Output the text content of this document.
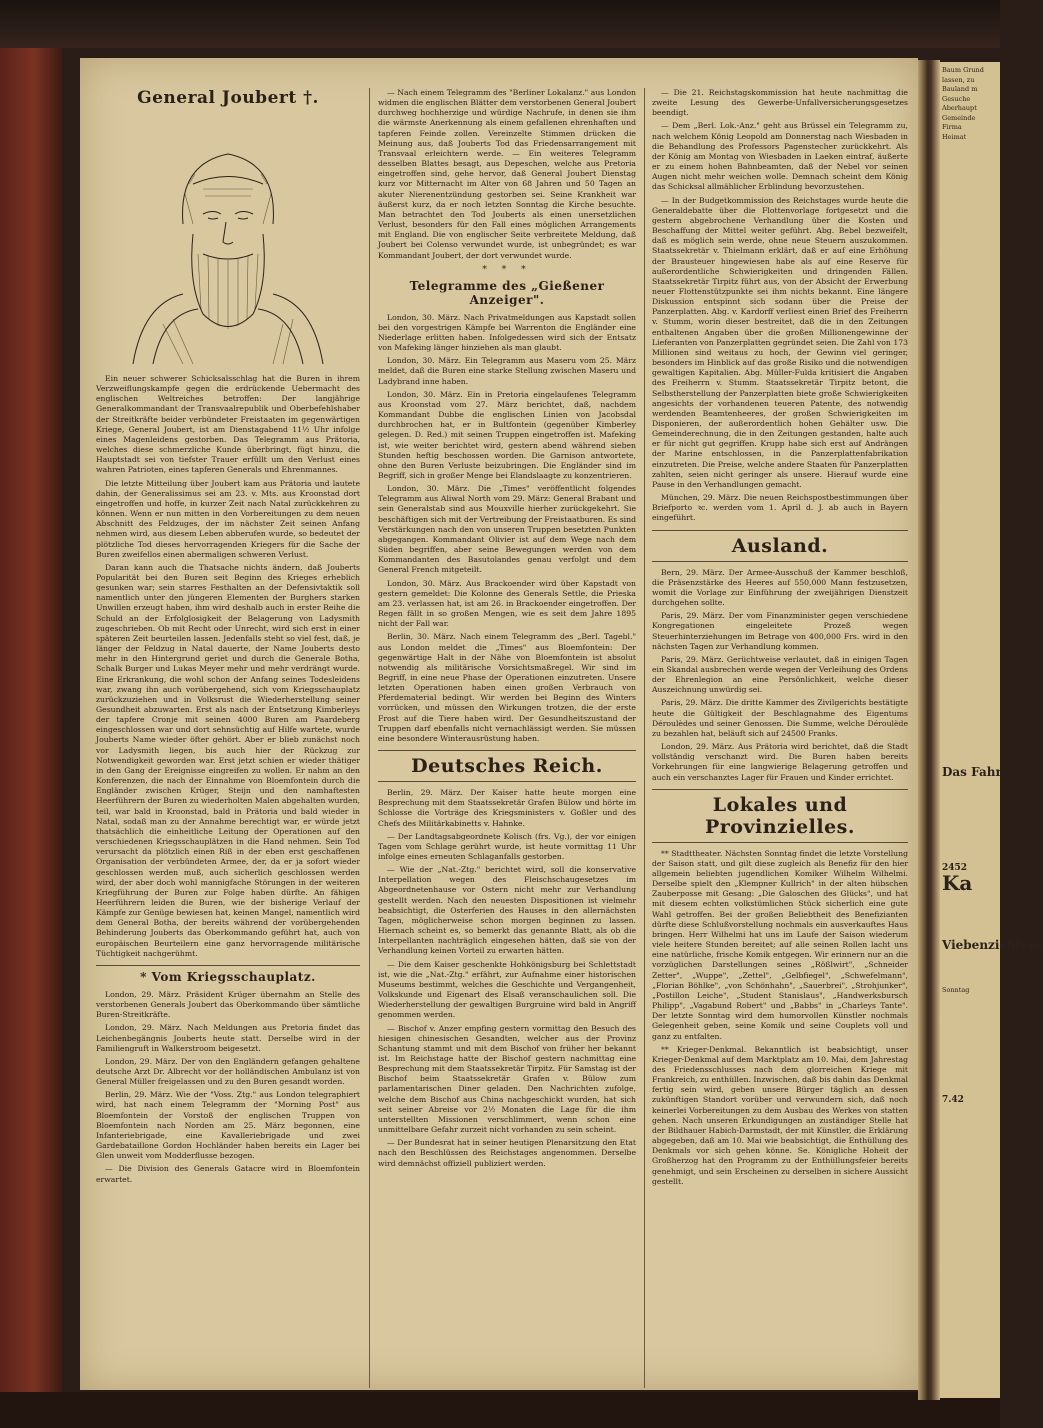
General Joubert †.

Ein neuer schwerer Schicksalsschlag hat die Buren in ihrem Verzweiflungskampfe gegen die erdrückende Uebermacht des englischen Weltreiches betroffen: Der langjährige Generalkommandant der Transvaalrepublik und Oberbefehlshaber der Streitkräfte beider verbündeter Freistaaten im gegenwärtigen Kriege, General Joubert, ist am Dienstagabend 11½ Uhr infolge eines Magenleidens gestorben. Das Telegramm aus Prätoria, welches diese schmerzliche Kunde überbringt, fügt hinzu, die Hauptstadt sei von tiefster Trauer erfüllt um den Verlust eines wahren Patrioten, eines tapferen Generals und Ehrenmannes.

Die letzte Mitteilung über Joubert kam aus Prätoria und lautete dahin, der Generalissimus sei am 23. v. Mts. aus Kroonstad dort eingetroffen und hoffe, in kurzer Zeit nach Natal zurückkehren zu können. Wenn er nun mitten in den Vorbereitungen zu dem neuen Abschnitt des Feldzuges, der im nächster Zeit seinen Anfang nehmen wird, aus diesem Leben abberufen wurde, so bedeutet der plötzliche Tod dieses hervorragenden Kriegers für die Sache der Buren zweifellos einen abermaligen schweren Verlust.

Daran kann auch die Thatsache nichts ändern, daß Jouberts Popularität bei den Buren seit Beginn des Krieges erheblich gesunken war; sein starres Festhalten an der Defensivtaktik soll namentlich unter den jüngeren Elementen der Burghers starken Unwillen erzeugt haben, ihm wird deshalb auch in erster Reihe die Schuld an der Erfolglosigkeit der Belagerung von Ladysmith zugeschrieben. Ob mit Recht oder Unrecht, wird sich erst in einer späteren Zeit beurteilen lassen. Jedenfalls steht so viel fest, daß, je länger der Feldzug in Natal dauerte, der Name Jouberts desto mehr in den Hintergrund geriet und durch die Generale Botha, Schalk Burger und Lukas Meyer mehr und mehr verdrängt wurde. Eine Erkrankung, die wohl schon der Anfang seines Todesleidens war, zwang ihn auch vorübergehend, sich vom Kriegsschauplatz zurückzuziehen und in Volksrust die Wiederherstellung seiner Gesundheit abzuwarten. Erst als nach der Entsetzung Kimberleys der tapfere Cronje mit seinen 4000 Buren am Paardeberg eingeschlossen war und dort sehnsüchtig auf Hilfe wartete, wurde Jouberts Name wieder öfter gehört. Aber er blieb zunächst noch vor Ladysmith liegen, bis auch hier der Rückzug zur Notwendigkeit geworden war. Erst jetzt schien er wieder thätiger in den Gang der Ereignisse eingreifen zu wollen. Er nahm an den Konferenzen, die nach der Einnahme von Bloemfontein durch die Engländer zwischen Krüger, Steijn und den namhaftesten Heerführern der Buren zu wiederholten Malen abgehalten wurden, teil, war bald in Kroonstad, bald in Prätoria und bald wieder in Natal, sodaß man zu der Annahme berechtigt war, er würde jetzt thatsächlich die einheitliche Leitung der Operationen auf den verschiedenen Kriegsschauplätzen in die Hand nehmen. Sein Tod verursacht da plötzlich einen Riß in der eben erst geschaffenen Organisation der verbündeten Armee, der, da er ja sofort wieder geschlossen werden muß, auch sicherlich geschlossen werden wird, der aber doch wohl mannigfache Störungen in der weiteren Kriegführung der Buren zur Folge haben dürfte. An fähigen Heerführern leiden die Buren, wie der bisherige Verlauf der Kämpfe zur Genüge bewiesen hat, keinen Mangel, namentlich wird dem General Botha, der bereits während der vorübergehenden Behinderung Jouberts das Oberkommando geführt hat, auch von europäischen Beurteilern eine ganz hervorragende militärische Tüchtigkeit nachgerühmt.

* Vom Kriegsschauplatz.

London, 29. März. Präsident Krüger übernahm an Stelle des verstorbenen Generals Joubert das Oberkommando über sämtliche Buren-Streitkräfte.

London, 29. März. Nach Meldungen aus Pretoria findet das Leichenbegängnis Jouberts heute statt. Derselbe wird in der Familiengruft in Walkerstroom beigesetzt.

London, 29. März. Der von den Engländern gefangen gehaltene deutsche Arzt Dr. Albrecht vor der holländischen Ambulanz ist von General Müller freigelassen und zu den Buren gesandt worden.

Berlin, 29. März. Wie der "Voss. Ztg." aus London telegraphiert wird, hat nach einem Telegramm der "Morning Post" aus Bloemfontein der Vorstoß der englischen Truppen von Bloemfontein nach Norden am 25. März begonnen, eine Infanteriebrigade, eine Kavalleriebrigade und zwei Gardebataillone Gordon Hochländer haben bereits ein Lager bei Glen unweit vom Modderflusse bezogen.

— Die Division des Generals Gatacre wird in Bloemfontein erwartet.

— Nach einem Telegramm des "Berliner Lokalanz." aus London widmen die englischen Blätter dem verstorbenen General Joubert durchweg hochherzige und würdige Nachrufe, in denen sie ihm die wärmste Anerkennung als einem gefallenen ehrenhaften und tapferen Feinde zollen. Vereinzelte Stimmen drücken die Meinung aus, daß Jouberts Tod das Friedensarrangement mit Transvaal erleichtern werde. — Ein weiteres Telegramm desselben Blattes besagt, aus Depeschen, welche aus Pretoria eingetroffen sind, gehe hervor, daß General Joubert Dienstag kurz vor Mitternacht im Alter von 68 Jahren und 50 Tagen an akuter Nierenentzündung gestorben sei. Seine Krankheit war äußerst kurz, da er noch letzten Sonntag die Kirche besuchte. Man betrachtet den Tod Jouberts als einen unersetzlichen Verlust, besonders für den Fall eines möglichen Arrangements mit England. Die von englischer Seite verbreitete Meldung, daß Joubert bei Colenso verwundet wurde, ist unbegründet; es war Kommandant Joubert, der dort verwundet wurde.

* * *
Telegramme des „Gießener Anzeiger".

London, 30. März. Nach Privatmeldungen aus Kapstadt sollen bei den vorgestrigen Kämpfe bei Warrenton die Engländer eine Niederlage erlitten haben. Infolgedessen wird sich der Entsatz von Mafeking länger hinziehen als man glaubt.

London, 30. März. Ein Telegramm aus Maseru vom 25. März meldet, daß die Buren eine starke Stellung zwischen Maseru und Ladybrand inne haben.

London, 30. März. Ein in Pretoria eingelaufenes Telegramm aus Kroonstad vom 27. März berichtet, daß, nachdem Kommandant Dubbe die englischen Linien von Jacobsdal durchbrochen hat, er in Bultfontein (gegenüber Kimberley gelegen. D. Red.) mit seinen Truppen eingetroffen ist. Mafeking ist, wie weiter berichtet wird, gestern abend während sieben Stunden heftig beschossen worden. Die Garnison antwortete, ohne den Buren Verluste beizubringen. Die Engländer sind im Begriff, sich in großer Menge bei Elandslaagte zu konzentrieren.

London, 30. März. Die „Times" veröffentlicht folgendes Telegramm aus Aliwal North vom 29. März: General Brabant und sein Generalstab sind aus Mouxville hierher zurückgekehrt. Sie beschäftigen sich mit der Vertreibung der Freistaatburen. Es sind Verstärkungen nach den von unseren Truppen besetzten Punkten abgegangen. Kommandant Olivier ist auf dem Wege nach dem Süden begriffen, aber seine Bewegungen werden von dem Kommandanten des Basutolandes genau verfolgt und dem General French mitgeteilt.

London, 30. März. Aus Brackoender wird über Kapstadt von gestern gemeldet: Die Kolonne des Generals Settle, die Prieska am 23. verlassen hat, ist am 26. in Brackoender eingetroffen. Der Regen fällt in so großen Mengen, wie es seit dem Jahre 1895 nicht der Fall war.

Berlin, 30. März. Nach einem Telegramm des „Berl. Tagebl." aus London meldet die „Times" aus Bloemfontein: Der gegenwärtige Halt in der Nähe von Bloemfontein ist absolut notwendig als militärische Vorsichtsmaßregel. Wir sind im Begriff, in eine neue Phase der Operationen einzutreten. Unsere letzten Operationen haben einen großen Verbrauch von Pferdematerial bedingt. Wir werden bei Beginn des Winters vorrücken, und müssen den Wirkungen trotzen, die der erste Frost auf die Tiere haben wird. Der Gesundheitszustand der Truppen darf ebenfalls nicht vernachlässigt werden. Sie müssen eine besondere Winterausrüstung haben.

Deutsches Reich.

Berlin, 29. März. Der Kaiser hatte heute morgen eine Besprechung mit dem Staatssekretär Grafen Bülow und hörte im Schlosse die Vorträge des Kriegsministers v. Goßler und des Chefs des Militärkabinetts v. Hahnke.

— Der Landtagsabgeordnete Kolisch (frs. Vg.), der vor einigen Tagen vom Schlage gerührt wurde, ist heute vormittag 11 Uhr infolge eines erneuten Schlaganfalls gestorben.

— Wie der „Nat.-Ztg." berichtet wird, soll die konservative Interpellation wegen des Fleischschaugesetzes im Abgeordnetenhause vor Ostern nicht mehr zur Verhandlung gestellt werden. Nach den neuesten Dispositionen ist vielmehr beabsichtigt, die Osterferien des Hauses in den allernächsten Tagen, möglicherweise schon morgen beginnen zu lassen. Hiernach scheint es, so bemerkt das genannte Blatt, als ob die Interpellanten nachträglich eingesehen hätten, daß sie von der Verhandlung keinen Vorteil zu erwarten hätten.

— Die dem Kaiser geschenkte Hohkönigsburg bei Schlettstadt ist, wie die „Nat.-Ztg." erfährt, zur Aufnahme einer historischen Museums bestimmt, welches die Geschichte und Vergangenheit, Volkskunde und Eigenart des Elsaß veranschaulichen soll. Die Wiederherstellung der gewaltigen Burgruine wird bald in Angriff genommen werden.

— Bischof v. Anzer empfing gestern vormittag den Besuch des hiesigen chinesischen Gesandten, welcher aus der Provinz Schantung stammt und mit dem Bischof von früher her bekannt ist. Im Reichstage hatte der Bischof gestern nachmittag eine Besprechung mit dem Staatssekretär Tirpitz. Für Samstag ist der Bischof beim Staatssekretär Grafen v. Bülow zum parlamentarischen Diner geladen. Den Nachrichten zufolge, welche dem Bischof aus China nachgeschickt wurden, hat sich seit seiner Abreise vor 2½ Monaten die Lage für die ihm unterstellten Missionen verschlimmert, wenn schon eine unmittelbare Gefahr zurzeit nicht vorhanden zu sein scheint.

— Der Bundesrat hat in seiner heutigen Plenarsitzung den Etat nach den Beschlüssen des Reichstages angenommen. Derselbe wird demnächst offiziell publiziert werden.

— Die 21. Reichstagskommission hat heute nachmittag die zweite Lesung des Gewerbe-Unfallversicherungsgesetzes beendigt.

— Dem „Berl. Lok.-Anz." geht aus Brüssel ein Telegramm zu, nach welchem König Leopold am Donnerstag nach Wiesbaden in die Behandlung des Professors Pagenstecher zurückkehrt. Als der König am Montag von Wiesbaden in Laeken eintraf, äußerte er zu einem hohen Bahnbeamten, daß der Nebel vor seinen Augen nicht mehr weichen wolle. Demnach scheint dem König das Schicksal allmählicher Erblindung bevorzustehen.

— In der Budgetkommission des Reichstages wurde heute die Generaldebatte über die Flottenvorlage fortgesetzt und die gestern abgebrochene Verhandlung über die Kosten und Beschaffung der Mittel weiter geführt. Abg. Bebel bezweifelt, daß es möglich sein werde, ohne neue Steuern auszukommen. Staatssekretär v. Thielmann erklärt, daß er auf eine Erhöhung der Brausteuer hingewiesen habe als auf eine Reserve für außerordentliche Schwierigkeiten und dringenden Fällen. Staatssekretär Tirpitz führt aus, von der Absicht der Erwerbung neuer Flottenstützpunkte sei ihm nichts bekannt. Eine längere Diskussion entspinnt sich sodann über die Preise der Panzerplatten. Abg. v. Kardorff verliest einen Brief des Freiherrn v. Stumm, worin dieser bestreitet, daß die in den Zeitungen enthaltenen Angaben über die großen Millionengewinne der Lieferanten von Panzerplatten gegründet seien. Die Zahl von 173 Millionen sind weitaus zu hoch, der Gewinn viel geringer, besonders im Hinblick auf das große Risiko und die notwendigen gewaltigen Kapitalien. Abg. Müller-Fulda kritisiert die Angaben des Freiherrn v. Stumm. Staatssekretär Tirpitz betont, die Selbstherstellung der Panzerplatten biete große Schwierigkeiten angesichts der vorhandenen teueren Patente, des notwendig werdenden Beamtenheeres, der großen Schwierigkeiten im Disponieren, der außerordentlich hohen Gehälter usw. Die Gemeinderechnung, die in den Zeitungen gestanden, halte auch er für nicht gut gegriffen. Krupp habe sich erst auf Andrängen der Marine entschlossen, in die Panzerplattenfabrikation einzutreten. Die Preise, welche andere Staaten für Panzerplatten zahlten, seien nicht geringer als unsere. Hierauf wurde eine Pause in den Verhandlungen gemacht.

München, 29. März. Die neuen Reichspostbestimmungen über Briefporto ꝛc. werden vom 1. April d. J. ab auch in Bayern eingeführt.

Ausland.

Bern, 29. März. Der Armee-Ausschuß der Kammer beschloß, die Präsenzstärke des Heeres auf 550,000 Mann festzusetzen, womit die Vorlage zur Einführung der zweijährigen Dienstzeit durchgehen sollte.

Paris, 29. März. Der vom Finanzminister gegen verschiedene Kongregationen eingeleitete Prozeß wegen Steuerhinterziehungen im Betrage von 400,000 Frs. wird in den nächsten Tagen zur Verhandlung kommen.

Paris, 29. März. Gerüchtweise verlautet, daß in einigen Tagen ein Skandal ausbrechen werde wegen der Verleihung des Ordens der Ehrenlegion an eine Persönlichkeit, welche dieser Auszeichnung unwürdig sei.

Paris, 29. März. Die dritte Kammer des Zivilgerichts bestätigte heute die Gültigkeit der Beschlagnahme des Eigentums Déroulèdes und seiner Genossen. Die Summe, welche Déroulède zu bezahlen hat, beläuft sich auf 24500 Franks.

London, 29. März. Aus Prätoria wird berichtet, daß die Stadt vollständig verschanzt wird. Die Buren haben bereits Vorkehrungen für eine langwierige Belagerung getroffen und auch ein verschanztes Lager für Frauen und Kinder errichtet.

Lokales und Provinzielles.

** Stadttheater. Nächsten Sonntag findet die letzte Vorstellung der Saison statt, und gilt diese zugleich als Benefiz für den hier allgemein beliebten jugendlichen Komiker Wilhelm Wilhelmi. Derselbe spielt den „Klempner Kullrich" in der alten hübschen Zauberposse mit Gesang: „Die Galoschen des Glücks", und hat mit diesem echten volkstümlichen Stück sicherlich eine gute Wahl getroffen. Bei der großen Beliebtheit des Benefizianten dürfte diese Schlußvorstellung nochmals ein ausverkauftes Haus bringen. Herr Wilhelmi hat uns im Laufe der Saison wiederum viele heitere Stunden bereitet; auf alle seinen Rollen lacht uns eine natürliche, frische Komik entgegen. Wir erinnern nur an die vorzüglichen Darstellungen seines „Rößlwirt", „Schneider Zetter", „Wuppe", „Zettel", „Gelbfiegel", „Schwefelmann", „Florian Böhlke", „von Schönhahn", „Sauerbrei", „Strohjunker", „Postillon Leiche", „Student Stanislaus", „Handwerksbursch Philipp", „Vagabund Robert" und „Babbs" in „Charleys Tante". Der letzte Sonntag wird dem humorvollen Künstler nochmals Gelegenheit geben, seine Komik und seine Couplets voll und ganz zu entfalten.

** Krieger-Denkmal. Bekanntlich ist beabsichtigt, unser Krieger-Denkmal auf dem Marktplatz am 10. Mai, dem Jahrestag des Friedensschlusses nach dem glorreichen Kriege mit Frankreich, zu enthüllen. Inzwischen, daß bis dahin das Denkmal fertig sein wird, geben unsere Bürger täglich an dessen zukünftigen Standort vorüber und verwundern sich, daß noch keinerlei Vorbereitungen zu dem Ausbau des Werkes von statten gehen. Nach unseren Erkundigungen an zuständiger Stelle hat der Bildhauer Habich-Darmstadt, der mit Künstler, die Erklärung abgegeben, daß am 10. Mai wie beabsichtigt, die Enthüllung des Denkmals vor sich gehen könne. Se. Königliche Hoheit der Großherzog hat den Programm zu der Enthüllungsfeier bereits genehmigt, und sein Erscheinen zu derselben in sichere Aussicht gestellt.

Baum Grund
lassen, zu
Bauland m
Gesuche
Aberhaupt
Gemeinde
Firma
Heimat
Das Fahr
2452
Ka
Viebenzichtere
Sonntag
7.42
